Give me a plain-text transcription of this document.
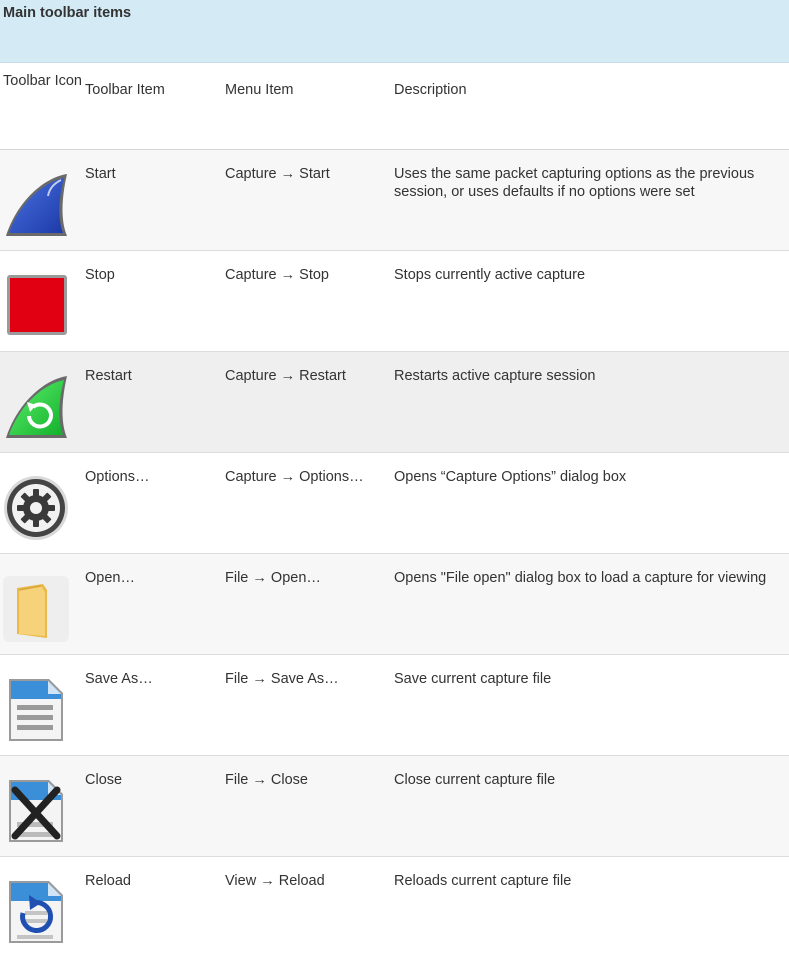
Main toolbar items
Toolbar Icon	Toolbar Item	Menu Item	Description

	Start	Capture → Start	Uses the same packet capturing options as the previous session, or uses defaults if no options were set

	Stop	Capture → Stop	Stops currently active capture

	Restart	Capture → Restart	Restarts active capture session

	Options…	Capture → Options…	Opens “Capture Options” dialog box

	Open…	File → Open…	Opens "File open" dialog box to load a capture for viewing

	Save As…	File → Save As…	Save current capture file

	Close	File → Close	Close current capture file

	Reload	View → Reload	Reloads current capture file
